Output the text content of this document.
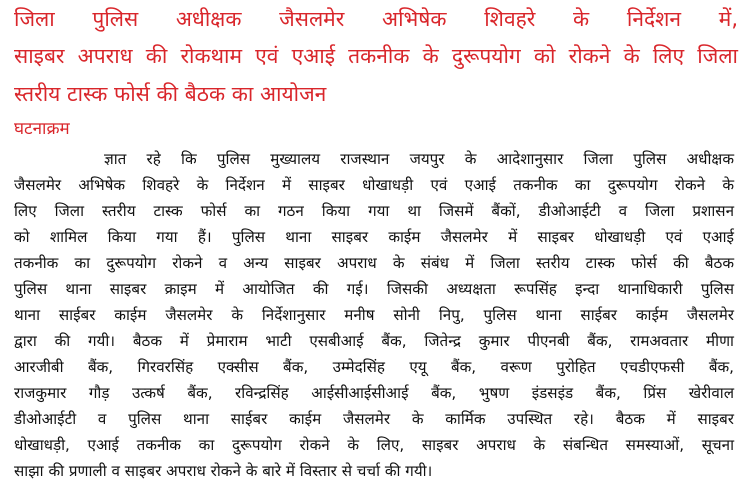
जिला पुलिस अधीक्षक जैसलमेर अभिषेक शिवहरे के निर्देशन में,
साइबर अपराध की रोकथाम एवं एआई तकनीक के दुरूपयोग को रोकने के लिए जिला
स्तरीय टास्क फोर्स की बैठक का आयोजन
घटनाक्रम
ज्ञात रहे कि पुलिस मुख्यालय राजस्थान जयपुर के आदेशानुसार जिला पुलिस अधीक्षक
जैसलमेर अभिषेक शिवहरे के निर्देशन में साइबर धोखाधड़ी एवं एआई तकनीक का दुरूपयोग रोकने के
लिए जिला स्तरीय टास्क फोर्स का गठन किया गया था जिसमें बैंकों, डीओआईटी व जिला प्रशासन
को शामिल किया गया हैं। पुलिस थाना साइबर काईम जैसलमेर में साइबर धोखाधड़ी एवं एआई
तकनीक का दुरूपयोग रोकने व अन्य साइबर अपराध के संबंध में जिला स्तरीय टास्क फोर्स की बैठक
पुलिस थाना साइबर क्राइम में आयोजित की गई। जिसकी अध्यक्षता रूपसिंह इन्दा थानाधिकारी पुलिस
थाना साईबर काईम जैसलमेर के निर्देशानुसार मनीष सोनी निपु, पुलिस थाना साईबर काईम जैसलमेर
द्वारा की गयी। बैठक में प्रेमाराम भाटी एसबीआई बैंक, जितेन्द्र कुमार पीएनबी बैंक, रामअवतार मीणा
आरजीबी बैंक, गिरवरसिंह एक्सीस बैंक, उम्मेदसिंह एयू बैंक, वरूण पुरोहित एचडीएफसी बैंक,
राजकुमार गौड़ उत्कर्ष बैंक, रविन्द्रसिंह आईसीआईसीआई बैंक, भुषण इंडसइंड बैंक, प्रिंस खेरीवाल
डीओआईटी व पुलिस थाना साईबर काईम जैसलमेर के कार्मिक उपस्थित रहे। बैठक में साइबर
धोखाधड़ी, एआई तकनीक का दुरूपयोग रोकने के लिए, साइबर अपराध के संबन्धित समस्याओं, सूचना
साझा की प्रणाली व साइबर अपराध रोकने के बारे में विस्तार से चर्चा की गयी।
